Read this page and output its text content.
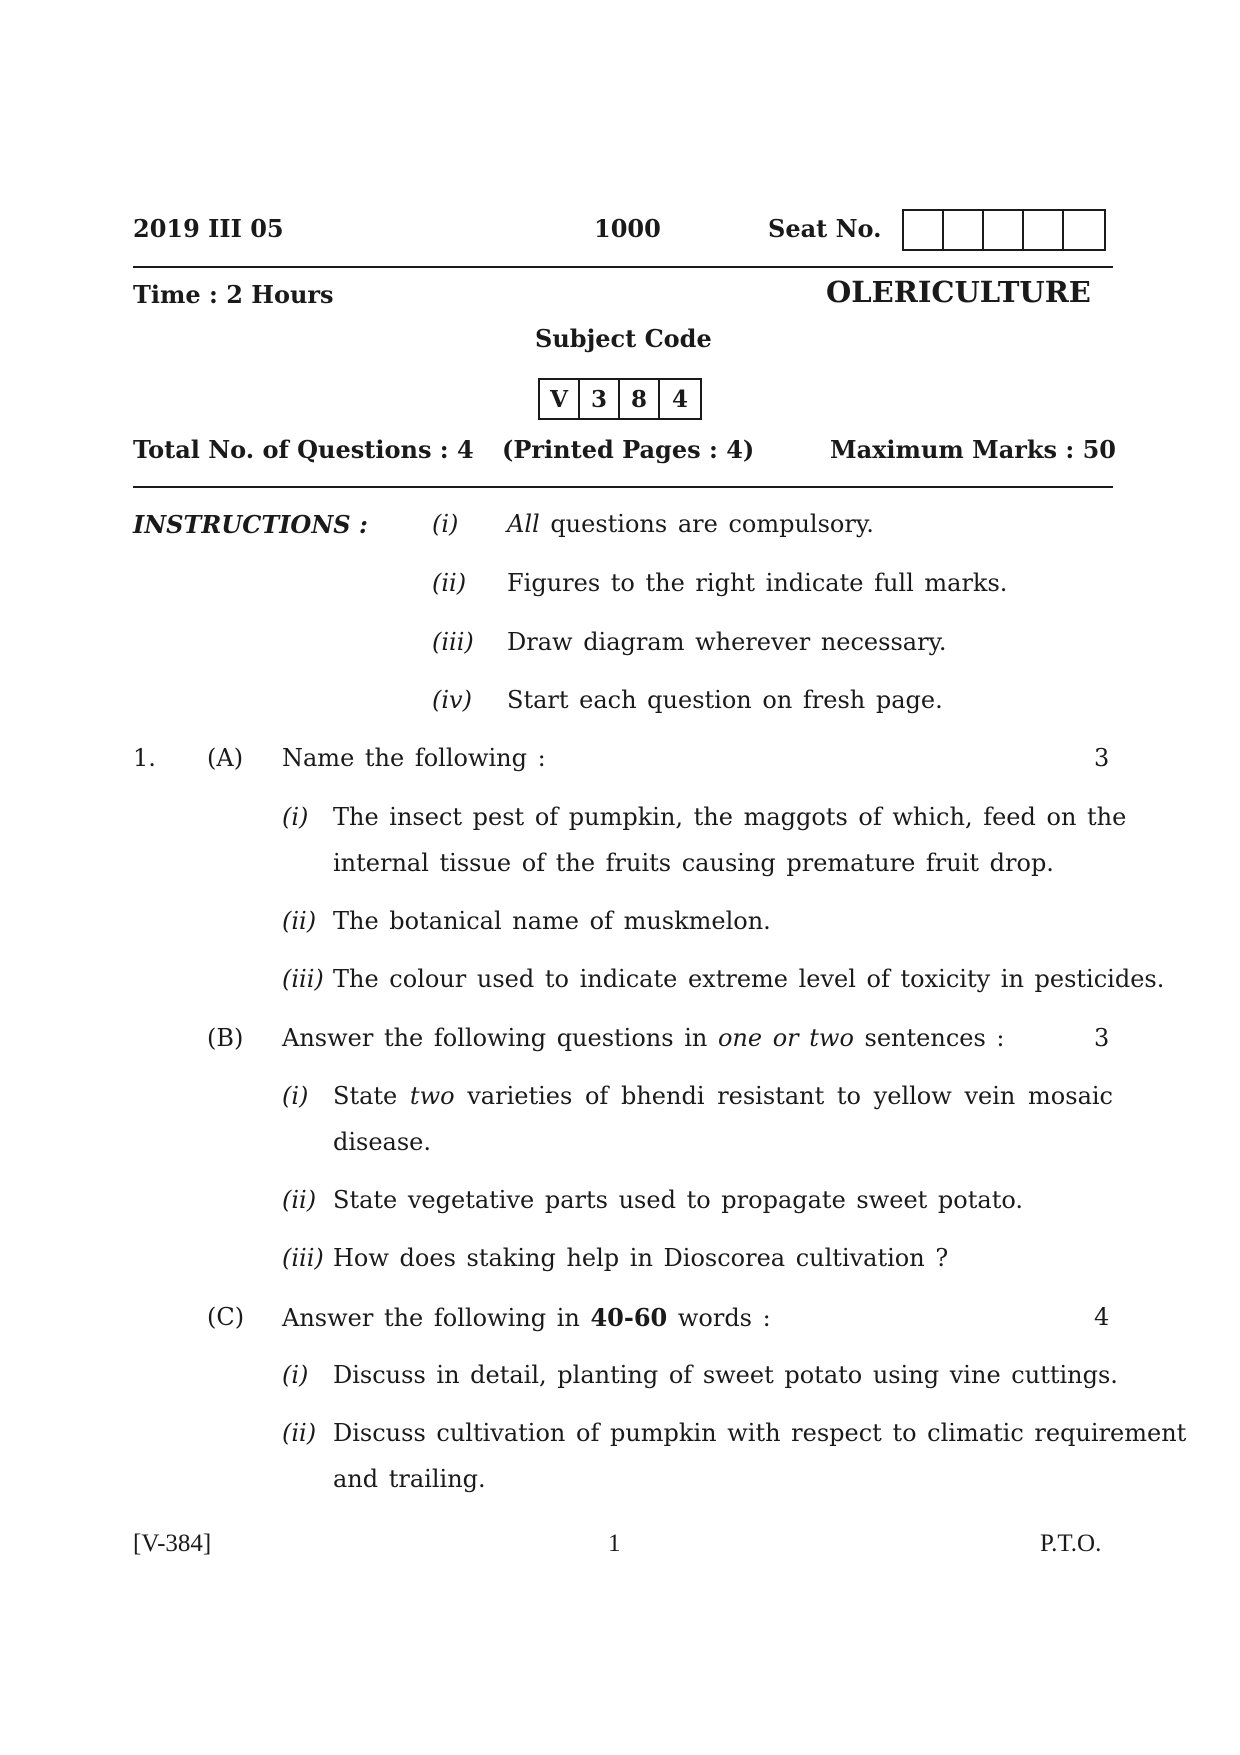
2019 III 05	1000	Seat No.
Time : 2 Hours	OLERICULTURE
Subject Code
V	3	8	4
Total No. of Questions : 4 (Printed Pages : 4)	Maximum Marks : 50
INSTRUCTIONS :	(i) All questions are compulsory.
(ii) Figures to the right indicate full marks.
(iii) Draw diagram wherever necessary.
(iv) Start each question on fresh page.
1. (A) Name the following :	3
(i) The insect pest of pumpkin, the maggots of which, feed on the
internal tissue of the fruits causing premature fruit drop.
(ii) The botanical name of muskmelon.
(iii) The colour used to indicate extreme level of toxicity in pesticides.
(B) Answer the following questions in one or two sentences :	3
(i) State two varieties of bhendi resistant to yellow vein mosaic
disease.
(ii) State vegetative parts used to propagate sweet potato.
(iii) How does staking help in Dioscorea cultivation ?
(C) Answer the following in 40-60 words :	4
(i) Discuss in detail, planting of sweet potato using vine cuttings.
(ii) Discuss cultivation of pumpkin with respect to climatic requirement
and trailing.
[V-384]	1	P.T.O.
